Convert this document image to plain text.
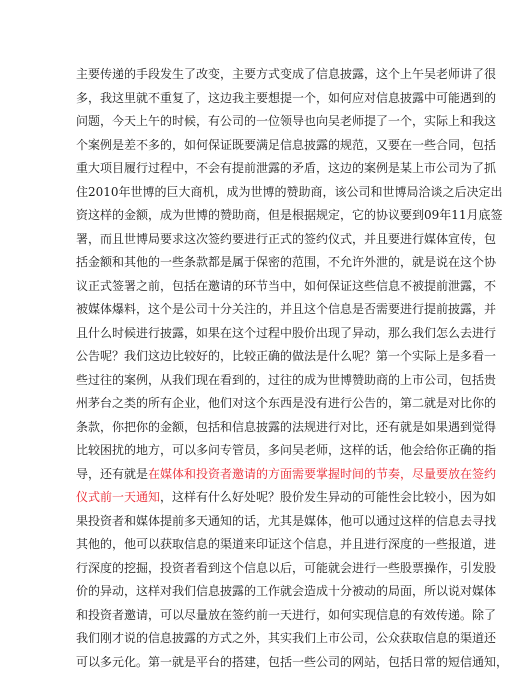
主要传递的手段发生了改变，主要方式变成了信息披露，这个上午吴老师讲了很
多，我这里就不重复了，这边我主要想提一个，如何应对信息披露中可能遇到的
问题，今天上午的时候，有公司的一位领导也向吴老师提了一个，实际上和我这
个案例是差不多的，如何保证既要满足信息披露的规范，又要在一些合同，包括
重大项目履行过程中，不会有提前泄露的矛盾，这边的案例是某上市公司为了抓
住2010年世博的巨大商机，成为世博的赞助商，该公司和世博局洽谈之后决定出
资这样的金额，成为世博的赞助商，但是根据规定，它的协议要到09年11月底签
署，而且世博局要求这次签约要进行正式的签约仪式，并且要进行媒体宣传，包
括金额和其他的一些条款都是属于保密的范围，不允许外泄的，就是说在这个协
议正式签署之前，包括在邀请的环节当中，如何保证这些信息不被提前泄露，不
被媒体爆料，这个是公司十分关注的，并且这个信息是否需要进行提前披露，并
且什么时候进行披露，如果在这个过程中股价出现了异动，那么我们怎么去进行
公告呢？我们这边比较好的，比较正确的做法是什么呢？第一个实际上是多看一
些过往的案例，从我们现在看到的，过往的成为世博赞助商的上市公司，包括贵
州茅台之类的所有企业，他们对这个东西是没有进行公告的，第二就是对比你的
条款，你把你的金额，包括和信息披露的法规进行对比，还有就是如果遇到觉得
比较困扰的地方，可以多问专管员，多问吴老师，这样的话，他会给你正确的指
导，还有就是在媒体和投资者邀请的方面需要掌握时间的节奏，尽量要放在签约
仪式前一天通知，这样有什么好处呢？股价发生异动的可能性会比较小，因为如
果投资者和媒体提前多天通知的话，尤其是媒体，他可以通过这样的信息去寻找
其他的，他可以获取信息的渠道来印证这个信息，并且进行深度的一些报道，进
行深度的挖掘，投资者看到这个信息以后，可能就会进行一些股票操作，引发股
价的异动，这样对我们信息披露的工作就会造成十分被动的局面，所以说对媒体
和投资者邀请，可以尽量放在签约前一天进行，如何实现信息的有效传递。除了
我们刚才说的信息披露的方式之外，其实我们上市公司，公众获取信息的渠道还
可以多元化。第一就是平台的搭建，包括一些公司的网站，包括日常的短信通知，
